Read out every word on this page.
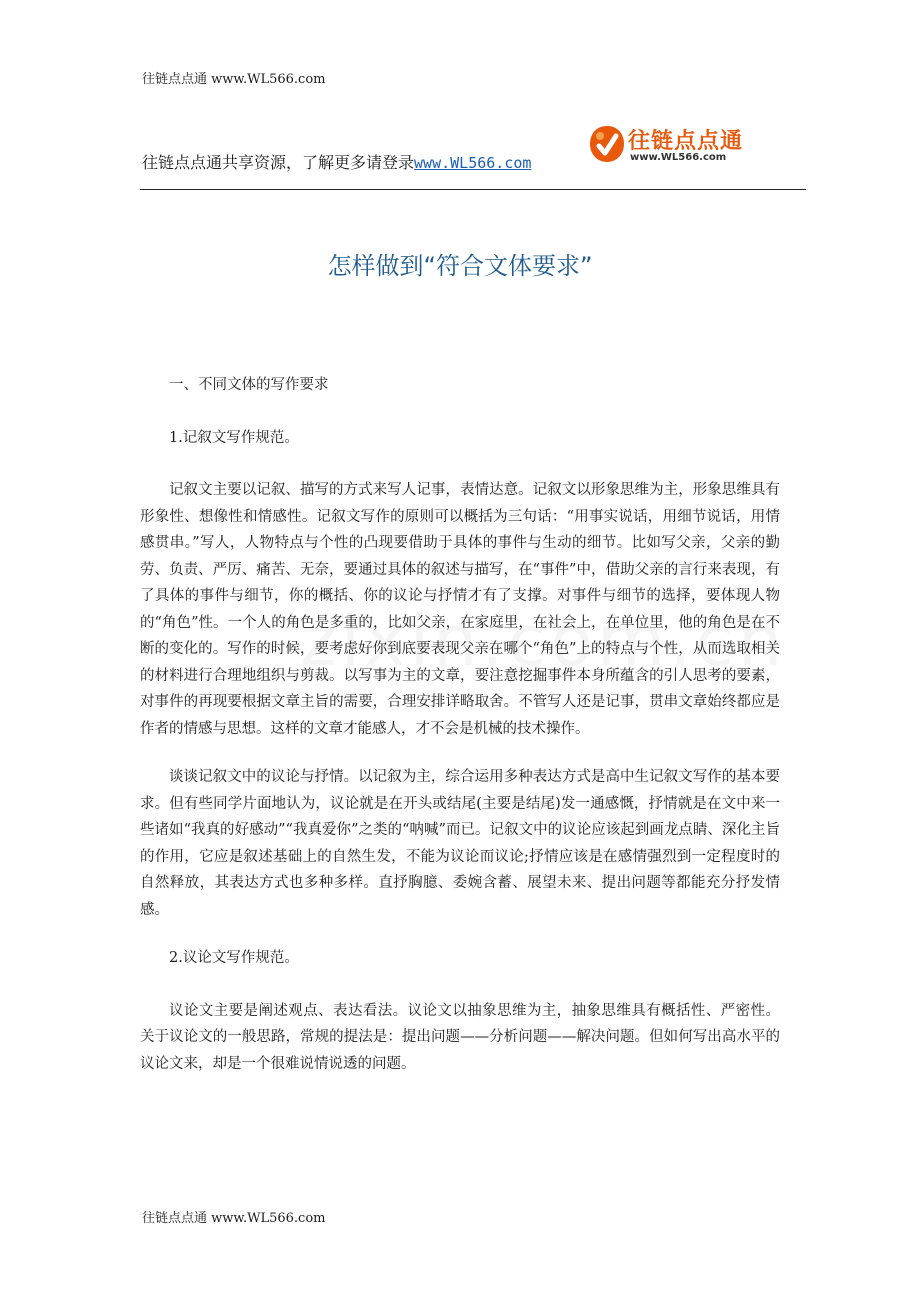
往链点点通 www.WL566.com
往链点点通共享资源，了解更多请登录www.WL566.com
往链点点通
www.WL566.com
怎样做到“符合文体要求”

一、不同文体的写作要求

1.记叙文写作规范。

记叙文主要以记叙、描写的方式来写人记事，表情达意。记叙文以形象思维为主，形象思维具有形象性、想像性和情感性。记叙文写作的原则可以概括为三句话：“用事实说话，用细节说话，用情感贯串。”写人，人物特点与个性的凸现要借助于具体的事件与生动的细节。比如写父亲，父亲的勤劳、负责、严厉、痛苦、无奈，要通过具体的叙述与描写，在“事件”中，借助父亲的言行来表现，有了具体的事件与细节，你的概括、你的议论与抒情才有了支撑。对事件与细节的选择，要体现人物的“角色”性。一个人的角色是多重的，比如父亲，在家庭里，在社会上，在单位里，他的角色是在不断的变化的。写作的时候，要考虑好你到底要表现父亲在哪个“角色”上的特点与个性，从而选取相关的材料进行合理地组织与剪裁。以写事为主的文章，要注意挖掘事件本身所蕴含的引人思考的要素，对事件的再现要根据文章主旨的需要，合理安排详略取舍。不管写人还是记事，贯串文章始终都应是作者的情感与思想。这样的文章才能感人，才不会是机械的技术操作。

谈谈记叙文中的议论与抒情。以记叙为主，综合运用多种表达方式是高中生记叙文写作的基本要求。但有些同学片面地认为，议论就是在开头或结尾(主要是结尾)发一通感慨，抒情就是在文中来一些诸如“我真的好感动”“我真爱你”之类的“呐喊”而已。记叙文中的议论应该起到画龙点睛、深化主旨的作用，它应是叙述基础上的自然生发，不能为议论而议论;抒情应该是在感情强烈到一定程度时的自然释放，其表达方式也多种多样。直抒胸臆、委婉含蓄、展望未来、提出问题等都能充分抒发情感。

2.议论文写作规范。

议论文主要是阐述观点、表达看法。议论文以抽象思维为主，抽象思维具有概括性、严密性。 关于议论文的一般思路，常规的提法是：提出问题——分析问题——解决问题。但如何写出高水平的议论文来，却是一个很难说情说透的问题。

往链点点通 www.WL566.com
